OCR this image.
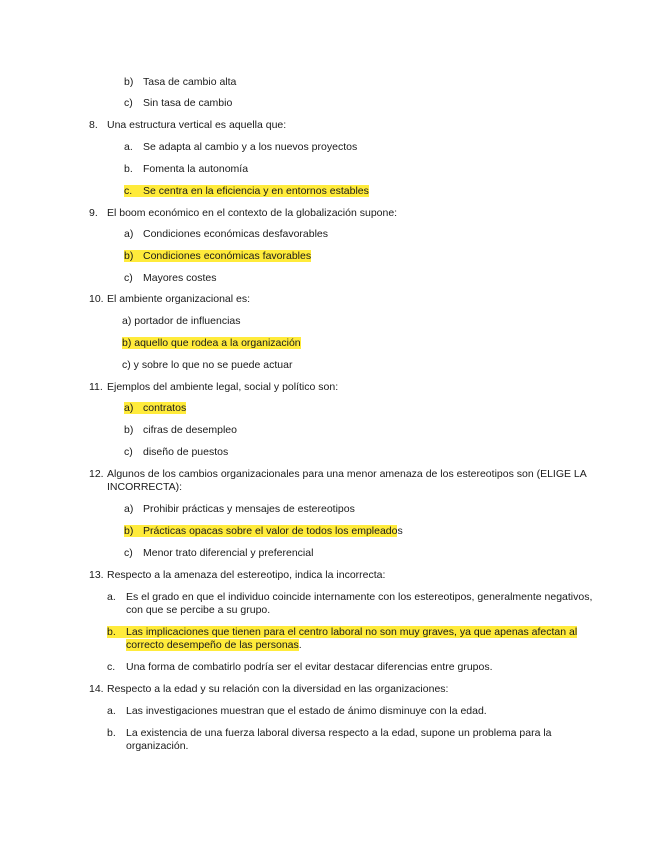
b) Tasa de cambio alta
c) Sin tasa de cambio
8. Una estructura vertical es aquella que:
a. Se adapta al cambio y a los nuevos proyectos
b. Fomenta la autonomía
c. Se centra en la eficiencia y en entornos estables
9. El boom económico en el contexto de la globalización supone:
a) Condiciones económicas desfavorables
b) Condiciones económicas favorables
c) Mayores costes
10. El ambiente organizacional es:
a) portador de influencias
b) aquello que rodea a la organización
c) y sobre lo que no se puede actuar
11. Ejemplos del ambiente legal, social y político son:
a) contratos
b) cifras de desempleo
c) diseño de puestos
12. Algunos de los cambios organizacionales para una menor amenaza de los estereotipos son (ELIGE LA
INCORRECTA):
a) Prohibir prácticas y mensajes de estereotipos
b) Prácticas opacas sobre el valor de todos los empleados
c) Menor trato diferencial y preferencial
13. Respecto a la amenaza del estereotipo, indica la incorrecta:
a. Es el grado en que el individuo coincide internamente con los estereotipos, generalmente negativos,
con que se percibe a su grupo.
b. Las implicaciones que tienen para el centro laboral no son muy graves, ya que apenas afectan al
correcto desempeño de las personas.
c. Una forma de combatirlo podría ser el evitar destacar diferencias entre grupos.
14. Respecto a la edad y su relación con la diversidad en las organizaciones:
a. Las investigaciones muestran que el estado de ánimo disminuye con la edad.
b. La existencia de una fuerza laboral diversa respecto a la edad, supone un problema para la
organización.
